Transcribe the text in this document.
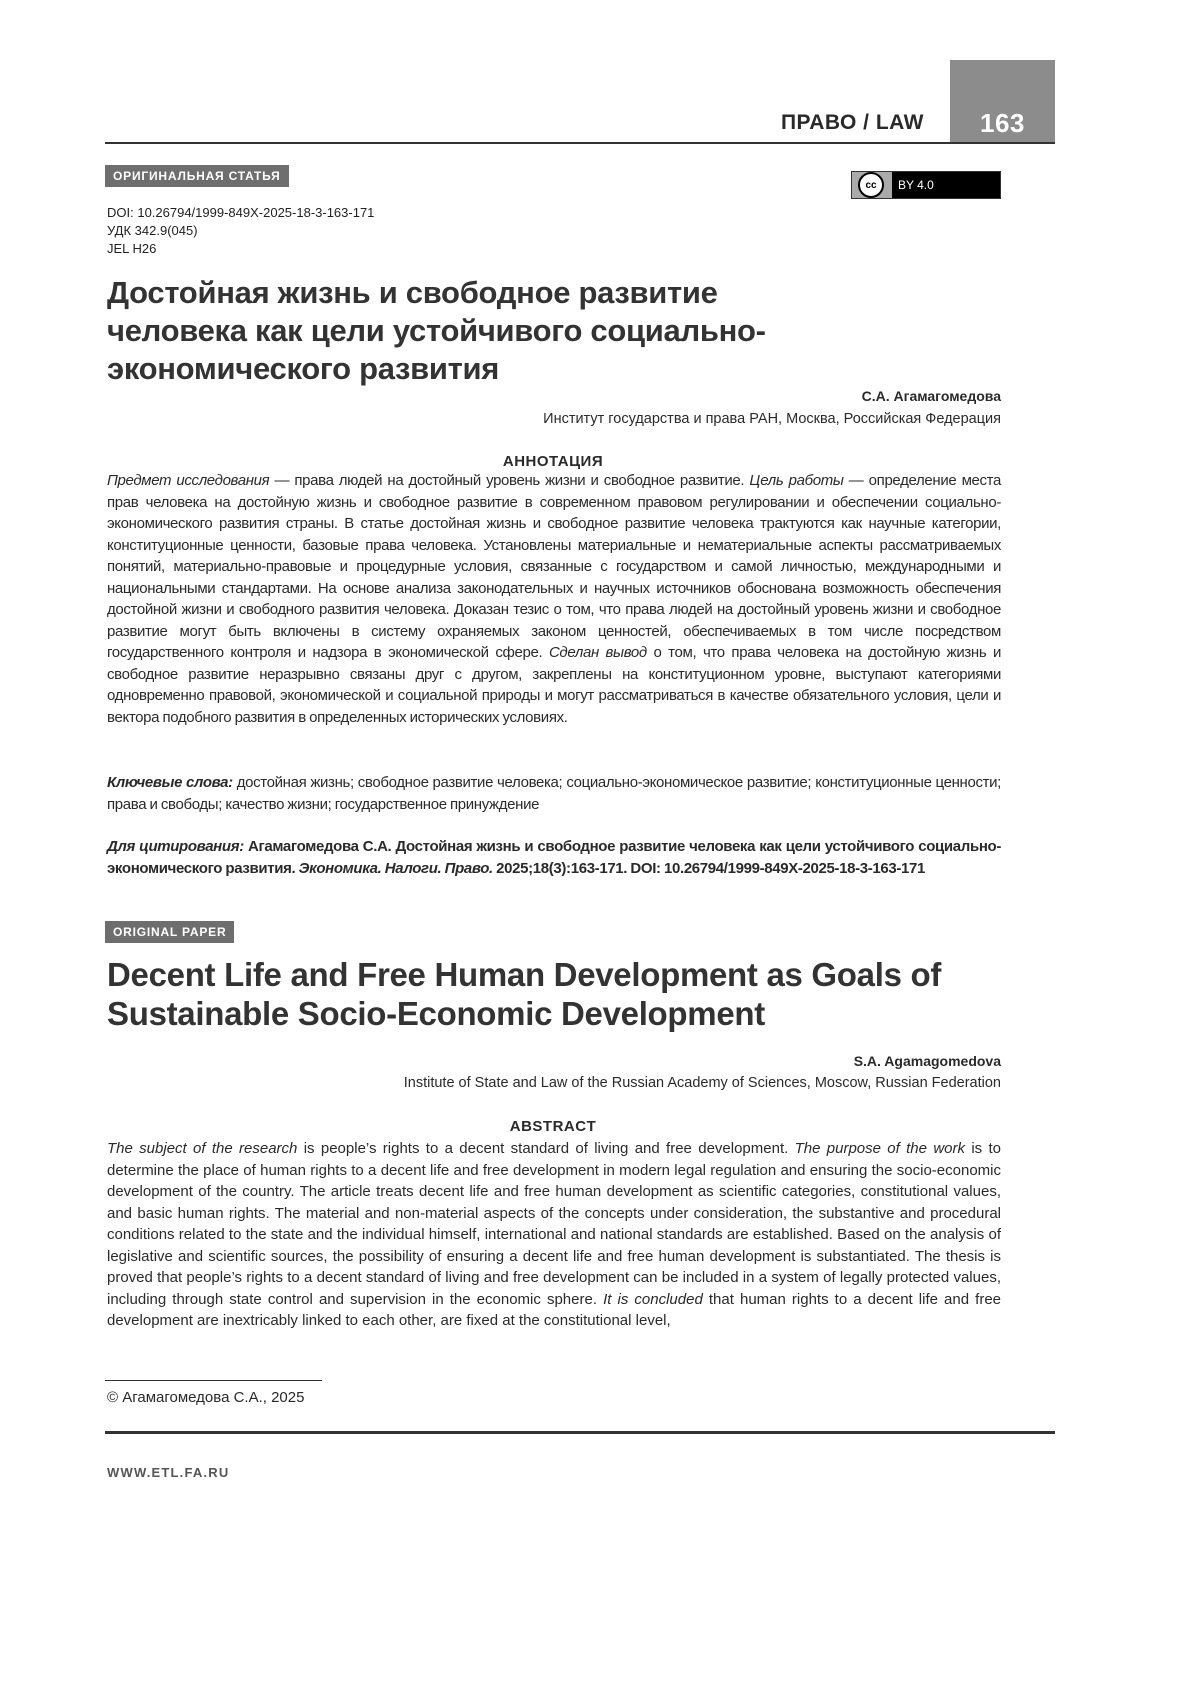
163
ПРАВО / LAW
ОРИГИНАЛЬНАЯ СТАТЬЯ
cc	BY 4.0
DOI: 10.26794/1999-849X-2025-18-3-163-171
УДК 342.9(045)
JEL H26
Достойная жизнь и свободное развитие человека как цели устойчивого социально-экономического развития
С.А. Агамагомедова
Институт государства и права РАН, Москва, Российская Федерация
АННОТАЦИЯ
Предмет исследования — права людей на достойный уровень жизни и свободное развитие. Цель работы — определение места прав человека на достойную жизнь и свободное развитие в современном правовом регулировании и обеспечении социально-экономического развития страны. В статье достойная жизнь и свободное развитие человека трактуются как научные категории, конституционные ценности, базовые права человека. Установлены материальные и нематериальные аспекты рассматриваемых понятий, материально-правовые и процедурные условия, связанные с государством и самой личностью, международными и национальными стандартами. На основе анализа законодательных и научных источников обоснована возможность обеспечения достойной жизни и свободного развития человека. Доказан тезис о том, что права людей на достойный уровень жизни и свободное развитие могут быть включены в систему охраняемых законом ценностей, обеспечиваемых в том числе посредством государственного контроля и надзора в экономической сфере. Сделан вывод о том, что права человека на достойную жизнь и свободное развитие неразрывно связаны друг с другом, закреплены на конституционном уровне, выступают категориями одновременно правовой, экономической и социальной природы и могут рассматриваться в качестве обязательного условия, цели и вектора подобного развития в определенных исторических условиях.
Ключевые слова: достойная жизнь; свободное развитие человека; социально-экономическое развитие; конституционные ценности; права и свободы; качество жизни; государственное принуждение
Для цитирования: Агамагомедова С.А. Достойная жизнь и свободное развитие человека как цели устойчивого социально-экономического развития. Экономика. Налоги. Право. 2025;18(3):163-171. DOI: 10.26794/1999-849X-2025-18-3-163-171
ORIGINAL PAPER
Decent Life and Free Human Development as Goals of Sustainable Socio-Economic Development
S.A. Agamagomedova
Institute of State and Law of the Russian Academy of Sciences, Moscow, Russian Federation
ABSTRACT
The subject of the research is people’s rights to a decent standard of living and free development. The purpose of the work is to determine the place of human rights to a decent life and free development in modern legal regulation and ensuring the socio-economic development of the country. The article treats decent life and free human development as scientific categories, constitutional values, and basic human rights. The material and non-material aspects of the concepts under consideration, the substantive and procedural conditions related to the state and the individual himself, international and national standards are established. Based on the analysis of legislative and scientific sources, the possibility of ensuring a decent life and free human development is substantiated. The thesis is proved that people’s rights to a decent standard of living and free development can be included in a system of legally protected values, including through state control and supervision in the economic sphere. It is concluded that human rights to a decent life and free development are inextricably linked to each other, are fixed at the constitutional level,
© Агамагомедова С.А., 2025
WWW.ETL.FA.RU
